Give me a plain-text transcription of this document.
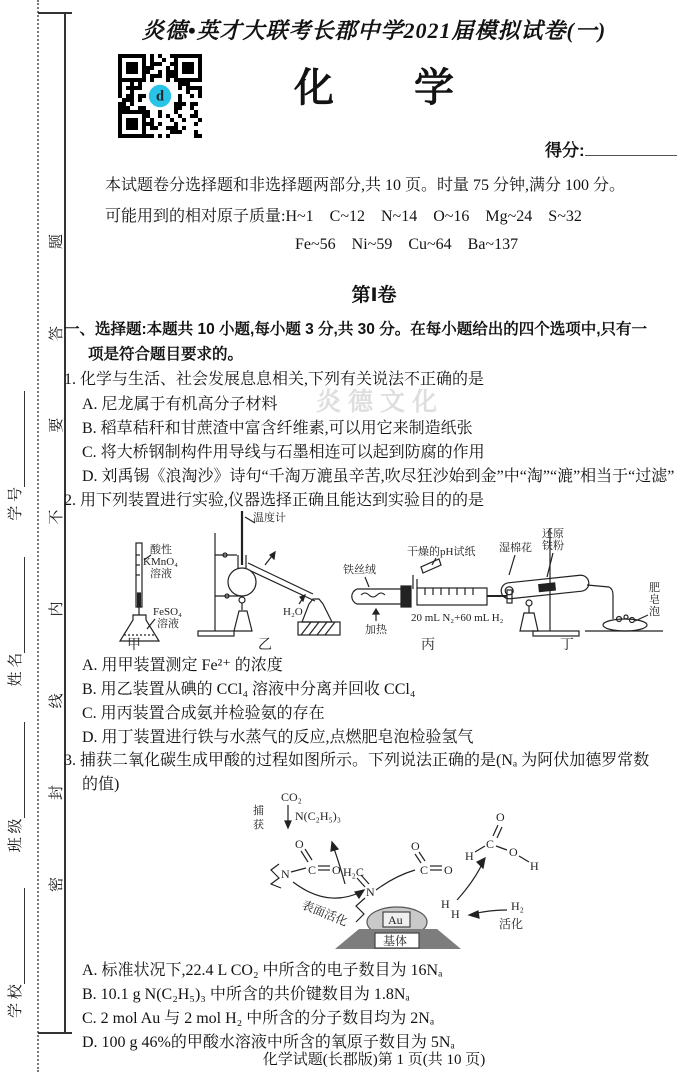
学 校
班 级
姓 名
学 号
密
封
线
内
不
要
答
题
炎德•英才大联考长郡中学2021届模拟试卷(一)
d	化　　学
得分:
本试题卷分选择题和非选择题两部分,共 10 页。时量 75 分钟,满分 100 分。
可能用到的相对原子质量:H~1　C~12　N~14　O~16　Mg~24　S~32
Fe~56　Ni~59　Cu~64　Ba~137
第Ⅰ卷
一、选择题:本题共 10 小题,每小题 3 分,共 30 分。在每小题给出的四个选项中,只有一
项是符合题目要求的。
炎德文化
1. 化学与生活、社会发展息息相关,下列有关说法不正确的是
A. 尼龙属于有机高分子材料
B. 稻草秸秆和甘蔗渣中富含纤维素,可以用它来制造纸张
C. 将大桥钢制构件用导线与石墨相连可以起到防腐的作用
D. 刘禹锡《浪淘沙》诗句“千淘万漉虽辛苦,吹尽狂沙始到金”中“淘”“漉”相当于“过滤”
2. 用下列装置进行实验,仪器选择正确且能达到实验目的的是
酸性
KMnO₄
溶液
FeSO₄
溶液
甲
温度计
H₂O
乙
铁丝绒
干燥的pH试纸
加热
20 mL N₂+60 mL H₂
丙
湿棉花
还原
铁粉
肥
皂
泡
丁
A. 用甲装置测定 Fe²⁺ 的浓度
B. 用乙装置从碘的 CCl₄ 溶液中分离并回收 CCl₄
C. 用丙装置合成氨并检验氨的存在
D. 用丁装置进行铁与水蒸气的反应,点燃肥皂泡检验氢气
3. 捕获二氧化碳生成甲酸的过程如图所示。下列说法正确的是(Nₐ 为阿伏加德罗常数
的值)
CO₂
捕
获
N(C₂H₅)₃
O
C O
N
表面活化
H₂C
N
O
C O
H
H
Au
基体
H₂
活化
H
C
O
O
H
A. 标准状况下,22.4 L CO₂ 中所含的电子数目为 16Nₐ
B. 10.1 g N(C₂H₅)₃ 中所含的共价键数目为 1.8Nₐ
C. 2 mol Au 与 2 mol H₂ 中所含的分子数目均为 2Nₐ
D. 100 g 46%的甲酸水溶液中所含的氧原子数目为 5Nₐ
化学试题(长郡版)第 1 页(共 10 页)
